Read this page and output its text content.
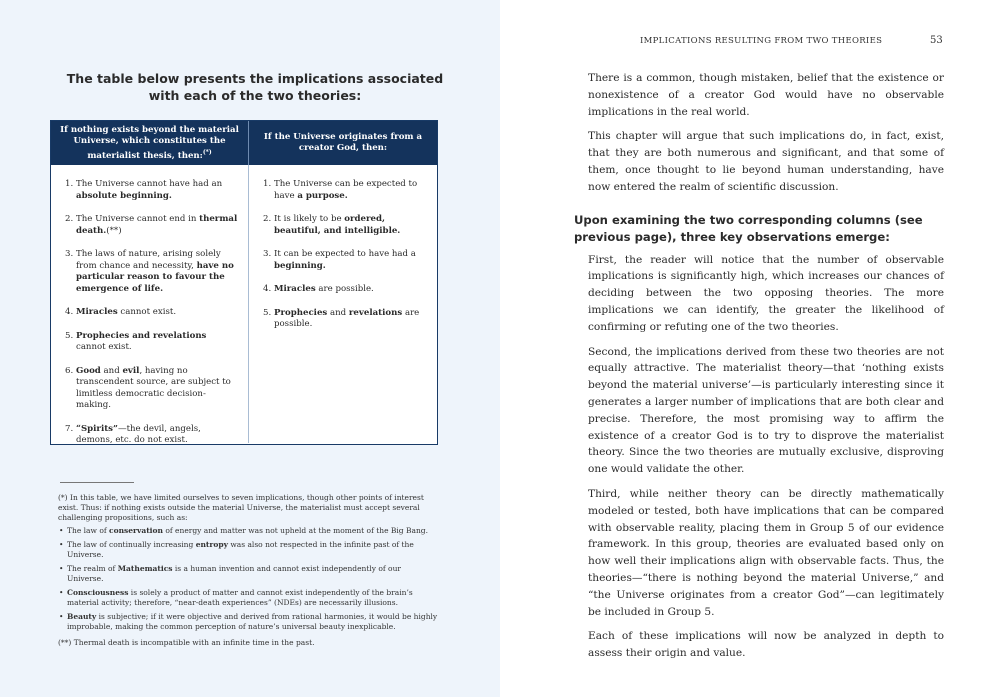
The table below presents the implications associated with each of the two theories:
If nothing exists beyond the material Universe, which constitutes the materialist thesis, then:(*)
If the Universe originates from a creator God, then:
1. The Universe cannot have had an absolute beginning.
2. The Universe cannot end in thermal death.(**)
3. The laws of nature, arising solely from chance and necessity, have no particular reason to favour the emergence of life.
4. Miracles cannot exist.
5. Prophecies and revelations cannot exist.
6. Good and evil, having no transcendent source, are subject to limitless democratic decision-making.
7. “Spirits”—the devil, angels, demons, etc. do not exist.
1. The Universe can be expected to have a purpose.
2. It is likely to be ordered, beautiful, and intelligible.
3. It can be expected to have had a beginning.
4. Miracles are possible.
5. Prophecies and revelations are possible.
(*) In this table, we have limited ourselves to seven implications, though other points of interest exist. Thus: if nothing exists outside the material Universe, the materialist must accept several challenging propositions, such as:
• The law of conservation of energy and matter was not upheld at the moment of the Big Bang.
• The law of continually increasing entropy was also not respected in the infinite past of the Universe.
• The realm of Mathematics is a human invention and cannot exist independently of our Universe.
• Consciousness is solely a product of matter and cannot exist independently of the brain’s material activity; therefore, “near-death experiences” (NDEs) are necessarily illusions.
• Beauty is subjective; if it were objective and derived from rational harmonies, it would be highly improbable, making the common perception of nature’s universal beauty inexplicable.
(**) Thermal death is incompatible with an infinite time in the past.
IMPLICATIONS RESULTING FROM TWO THEORIES	53

There is a common, though mistaken, belief that the existence or nonexistence of a creator God would have no observable implications in the real world.

This chapter will argue that such implications do, in fact, exist, that they are both numerous and significant, and that some of them, once thought to lie beyond human understanding, have now entered the realm of scientific discussion.

Upon examining the two corresponding columns (see previous page), three key observations emerge:

First, the reader will notice that the number of observable implications is significantly high, which increases our chances of deciding between the two opposing theories. The more implications we can identify, the greater the likelihood of confirming or refuting one of the two theories.

Second, the implications derived from these two theories are not equally attractive. The materialist theory—that ‘nothing exists beyond the material universe’—is particularly interesting since it generates a larger number of implications that are both clear and precise. Therefore, the most promising way to affirm the existence of a creator God is to try to disprove the materialist theory. Since the two theories are mutually exclusive, disproving one would validate the other.

Third, while neither theory can be directly mathematically modeled or tested, both have implications that can be compared with observable reality, placing them in Group 5 of our evidence framework. In this group, theories are evaluated based only on how well their implications align with observable facts. Thus, the theories—“there is nothing beyond the material Universe,” and “the Universe originates from a creator God”—can legitimately be included in Group 5.

Each of these implications will now be analyzed in depth to assess their origin and value.
